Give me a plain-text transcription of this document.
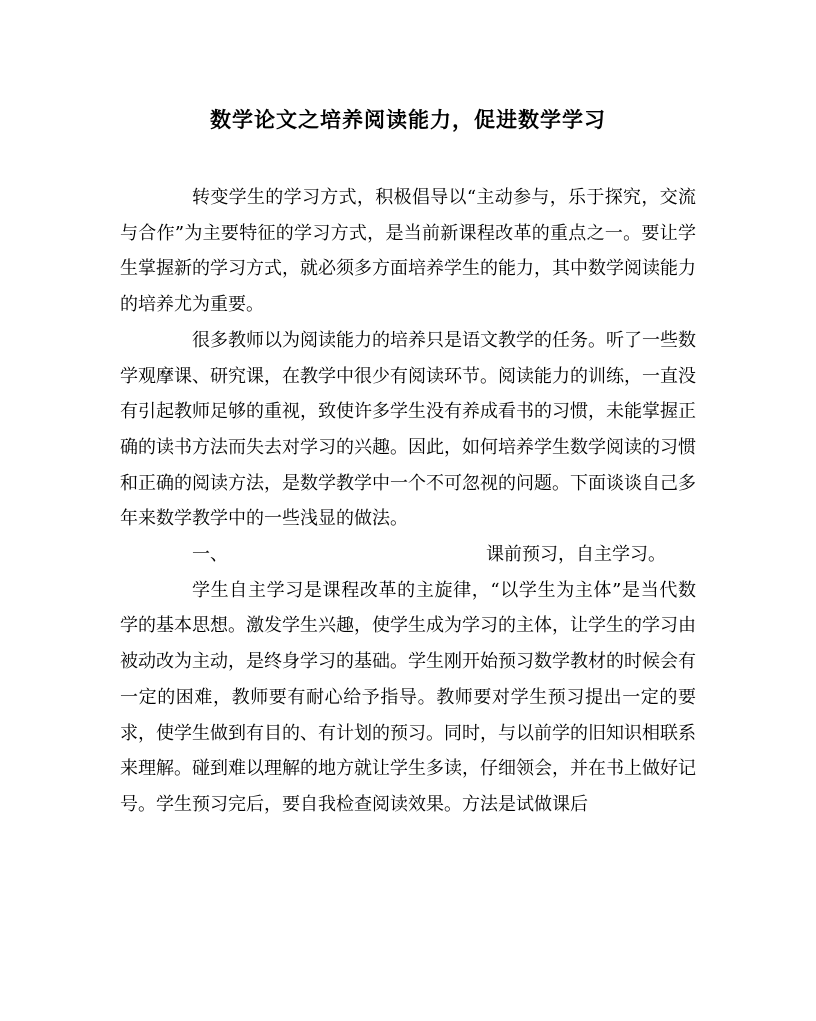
数学论文之培养阅读能力，促进数学学习

转变学生的学习方式，积极倡导以“主动参与，乐于探究，交流与合作”为主要特征的学习方式，是当前新课程改革的重点之一。要让学生掌握新的学习方式，就必须多方面培养学生的能力，其中数学阅读能力的培养尤为重要。

很多教师以为阅读能力的培养只是语文教学的任务。听了一些数学观摩课、研究课，在教学中很少有阅读环节。阅读能力的训练，一直没有引起教师足够的重视，致使许多学生没有养成看书的习惯，未能掌握正确的读书方法而失去对学习的兴趣。因此，如何培养学生数学阅读的习惯和正确的阅读方法，是数学教学中一个不可忽视的问题。下面谈谈自己多年来数学教学中的一些浅显的做法。

一、	课前预习，自主学习。

学生自主学习是课程改革的主旋律，“以学生为主体”是当代数学的基本思想。激发学生兴趣，使学生成为学习的主体，让学生的学习由被动改为主动，是终身学习的基础。学生刚开始预习数学教材的时候会有一定的困难，教师要有耐心给予指导。教师要对学生预习提出一定的要求，使学生做到有目的、有计划的预习。同时，与以前学的旧知识相联系来理解。碰到难以理解的地方就让学生多读，仔细领会，并在书上做好记号。学生预习完后，要自我检查阅读效果。方法是试做课后
